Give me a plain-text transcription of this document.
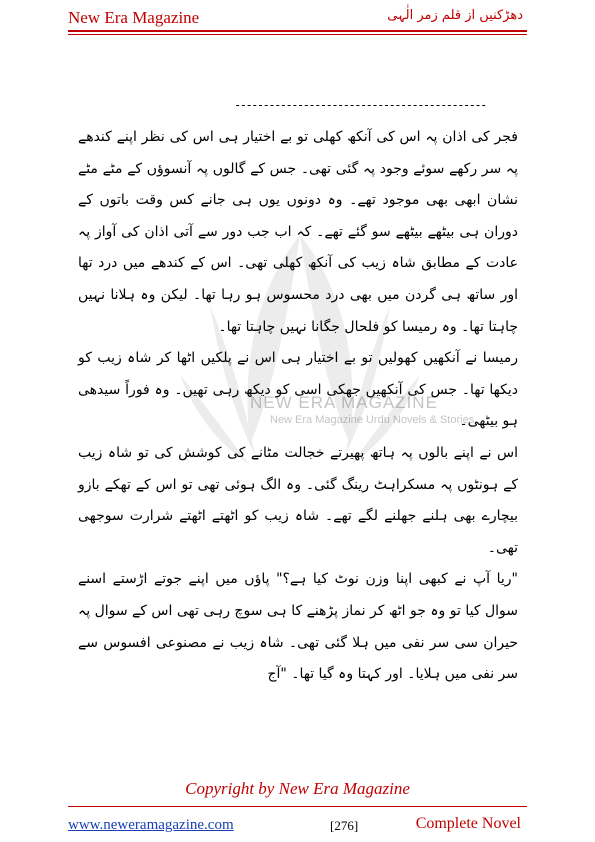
New Era Magazine	دھڑکنیں از قلم زمر الٰہی
NEW ERA MAGAZINE
New Era Magazine Urdu Novels & Stories
--------------------------------------------

فجر کی اذان پہ اس کی آنکھ کھلی تو بے اختیار ہی اس کی نظر اپنے کندھے پہ سر رکھے سوئے وجود پہ گئی تھی۔ جس کے گالوں پہ آنسوؤں کے مٹے مٹے نشان ابھی بھی موجود تھے۔ وہ دونوں یوں ہی جانے کس وقت باتوں کے دوران ہی بیٹھے بیٹھے سو گئے تھے۔ کہ اب جب دور سے آتی اذان کی آواز پہ عادت کے مطابق شاہ زیب کی آنکھ کھلی تھی۔ اس کے کندھے میں درد تھا اور ساتھ ہی گردن میں بھی درد محسوس ہو رہا تھا۔ لیکن وہ ہلانا نہیں چاہتا تھا۔ وہ رمیسا کو فلحال جگانا نہیں چاہتا تھا۔

رمیسا نے آنکھیں کھولیں تو بے اختیار ہی اس نے پلکیں اٹھا کر شاہ زیب کو دیکھا تھا۔ جس کی آنکھیں جھکی اسی کو دیکھ رہی تھیں۔ وہ فوراً سیدھی ہو بیٹھی۔

اس نے اپنے بالوں پہ ہاتھ پھیرتے خجالت مٹانے کی کوشش کی تو شاہ زیب کے ہونٹوں پہ مسکراہٹ رینگ گئی۔ وہ الگ ہوئی تھی تو اس کے تھکے بازو بیچارے بھی ہلنے جھلنے لگے تھے۔ شاہ زیب کو اٹھتے اٹھتے شرارت سوجھی تھی۔

"ریا آپ نے کبھی اپنا وزن نوٹ کیا ہے؟" پاؤں میں اپنے جوتے اڑستے اسنے سوال کیا تو وہ جو اٹھ کر نماز پڑھنے کا ہی سوچ رہی تھی اس کے سوال پہ حیران سی سر نفی میں ہلا گئی تھی۔ شاہ زیب نے مصنوعی افسوس سے سر نفی میں ہلایا۔ اور کہتا وہ گیا تھا۔ "آج

Copyright by New Era Magazine
www.neweramagazine.com	[276]	Complete Novel
